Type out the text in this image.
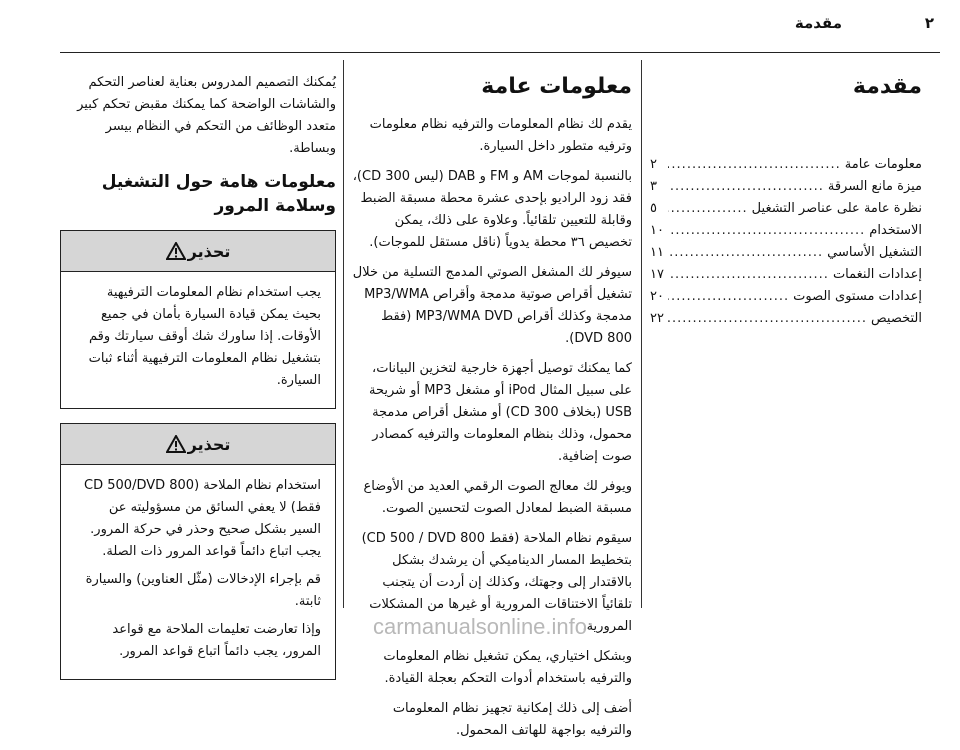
٢
مقدمة
مقدمة
معلومات عامة
.....
٢
ميزة مانع السرقة
.....
٣
نظرة عامة على عناصر التشغيل
.....
٥
الاستخدام
.....
١٠
التشغيل الأساسي
.....
١١
إعدادات النغمات
.....
١٧
إعدادات مستوى الصوت
.....
٢٠
التخصيص
.....
٢٢
معلومات عامة

يقدم لك نظام المعلومات والترفيه نظام معلومات وترفيه متطور داخل السيارة.

بالنسبة لموجات AM و FM و DAB (ليس CD 300)، فقد زود الراديو بإحدى عشرة محطة مسبقة الضبط وقابلة للتعيين تلقائياً. وعلاوة على ذلك، يمكن تخصيص ٣٦ محطة يدوياً (ناقل مستقل للموجات).

سيوفر لك المشغل الصوتي المدمج التسلية من خلال تشغيل أقراص صوتية مدمجة وأقراص MP3/WMA مدمجة وكذلك أقراص MP3/WMA DVD (فقط DVD 800).

كما يمكنك توصيل أجهزة خارجية لتخزين البيانات، على سبيل المثال iPod أو مشغل MP3 أو شريحة USB (بخلاف CD 300) أو مشغل أقراص مدمجة محمول، وذلك بنظام المعلومات والترفيه كمصادر صوت إضافية.

ويوفر لك معالج الصوت الرقمي العديد من الأوضاع مسبقة الضبط لمعادل الصوت لتحسين الصوت.

سيقوم نظام الملاحة (فقط CD 500 / DVD 800) بتخطيط المسار الديناميكي أن يرشدك بشكل بالاقتدار إلى وجهتك، وكذلك إن أردت أن يتجنب تلقائياً الاختناقات المرورية أو غيرها من المشكلات المرورية.

وبشكل اختياري، يمكن تشغيل نظام المعلومات والترفيه باستخدام أدوات التحكم بعجلة القيادة.

أضف إلى ذلك إمكانية تجهيز نظام المعلومات والترفيه بواجهة للهاتف المحمول.

يُمكنك التصميم المدروس بعناية لعناصر التحكم والشاشات الواضحة كما يمكنك مقبض تحكم كبير متعدد الوظائف من التحكم في النظام بيسر وبساطة.

معلومات هامة حول التشغيل وسلامة المرور
تحذير

يجب استخدام نظام المعلومات الترفيهية بحيث يمكن قيادة السيارة بأمان في جميع الأوقات. إذا ساورك شك أوقف سيارتك وقم بتشغيل نظام المعلومات الترفيهية أثناء ثبات السيارة.

تحذير

استخدام نظام الملاحة (CD 500/DVD 800 فقط) لا يعفي السائق من مسؤوليته عن السير بشكل صحيح وحذر في حركة المرور. يجب اتباع دائماً قواعد المرور ذات الصلة.

قم بإجراء الإدخالات (مثّل العناوين) والسيارة ثابتة.

وإذا تعارضت تعليمات الملاحة مع قواعد المرور، يجب دائماً اتباع قواعد المرور.

carmanualsonline.info
